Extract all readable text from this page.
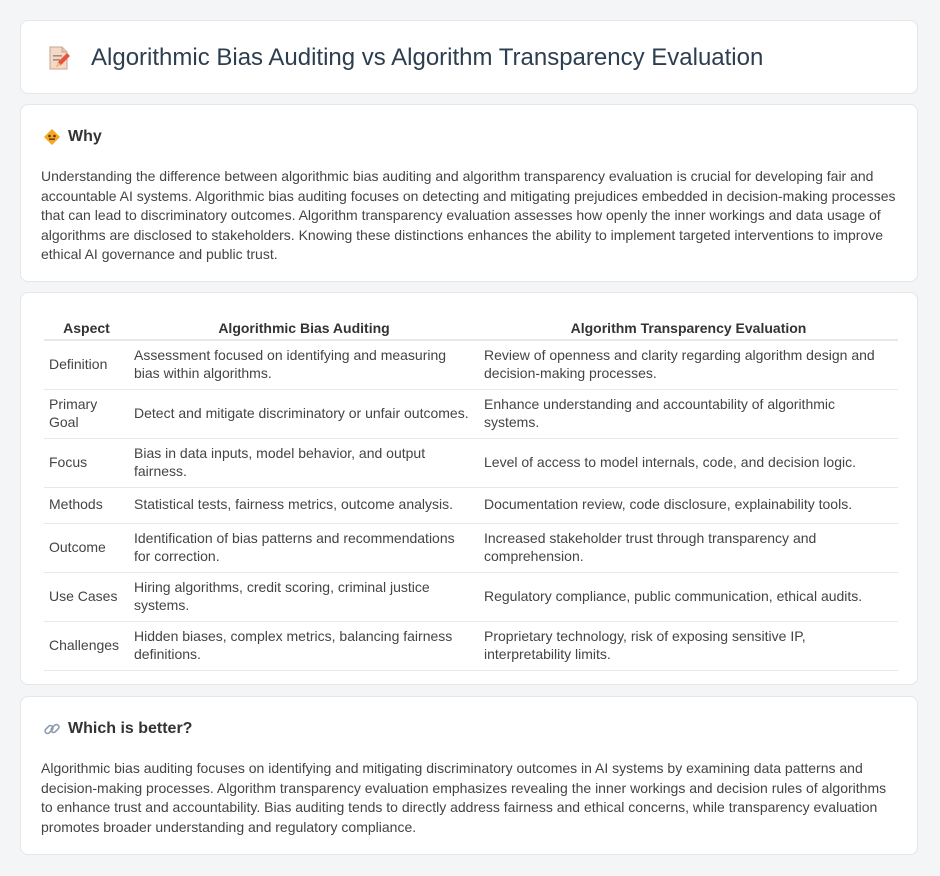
Algorithmic Bias Auditing vs Algorithm Transparency Evaluation
Why

Understanding the difference between algorithmic bias auditing and algorithm transparency evaluation is crucial for developing fair and accountable AI systems. Algorithmic bias auditing focuses on detecting and mitigating prejudices embedded in decision-making processes that can lead to discriminatory outcomes. Algorithm transparency evaluation assesses how openly the inner workings and data usage of algorithms are disclosed to stakeholders. Knowing these distinctions enhances the ability to implement targeted interventions to improve ethical AI governance and public trust.

Aspect	Algorithmic Bias Auditing	Algorithm Transparency Evaluation
Definition	Assessment focused on identifying and measuring bias within algorithms.	Review of openness and clarity regarding algorithm design and decision-making processes.
Primary Goal	Detect and mitigate discriminatory or unfair outcomes.	Enhance understanding and accountability of algorithmic systems.
Focus	Bias in data inputs, model behavior, and output fairness.	Level of access to model internals, code, and decision logic.
Methods	Statistical tests, fairness metrics, outcome analysis.	Documentation review, code disclosure, explainability tools.
Outcome	Identification of bias patterns and recommendations for correction.	Increased stakeholder trust through transparency and comprehension.
Use Cases	Hiring algorithms, credit scoring, criminal justice systems.	Regulatory compliance, public communication, ethical audits.
Challenges	Hidden biases, complex metrics, balancing fairness definitions.	Proprietary technology, risk of exposing sensitive IP, interpretability limits.
Which is better?

Algorithmic bias auditing focuses on identifying and mitigating discriminatory outcomes in AI systems by examining data patterns and decision-making processes. Algorithm transparency evaluation emphasizes revealing the inner workings and decision rules of algorithms to enhance trust and accountability. Bias auditing tends to directly address fairness and ethical concerns, while transparency evaluation promotes broader understanding and regulatory compliance.
